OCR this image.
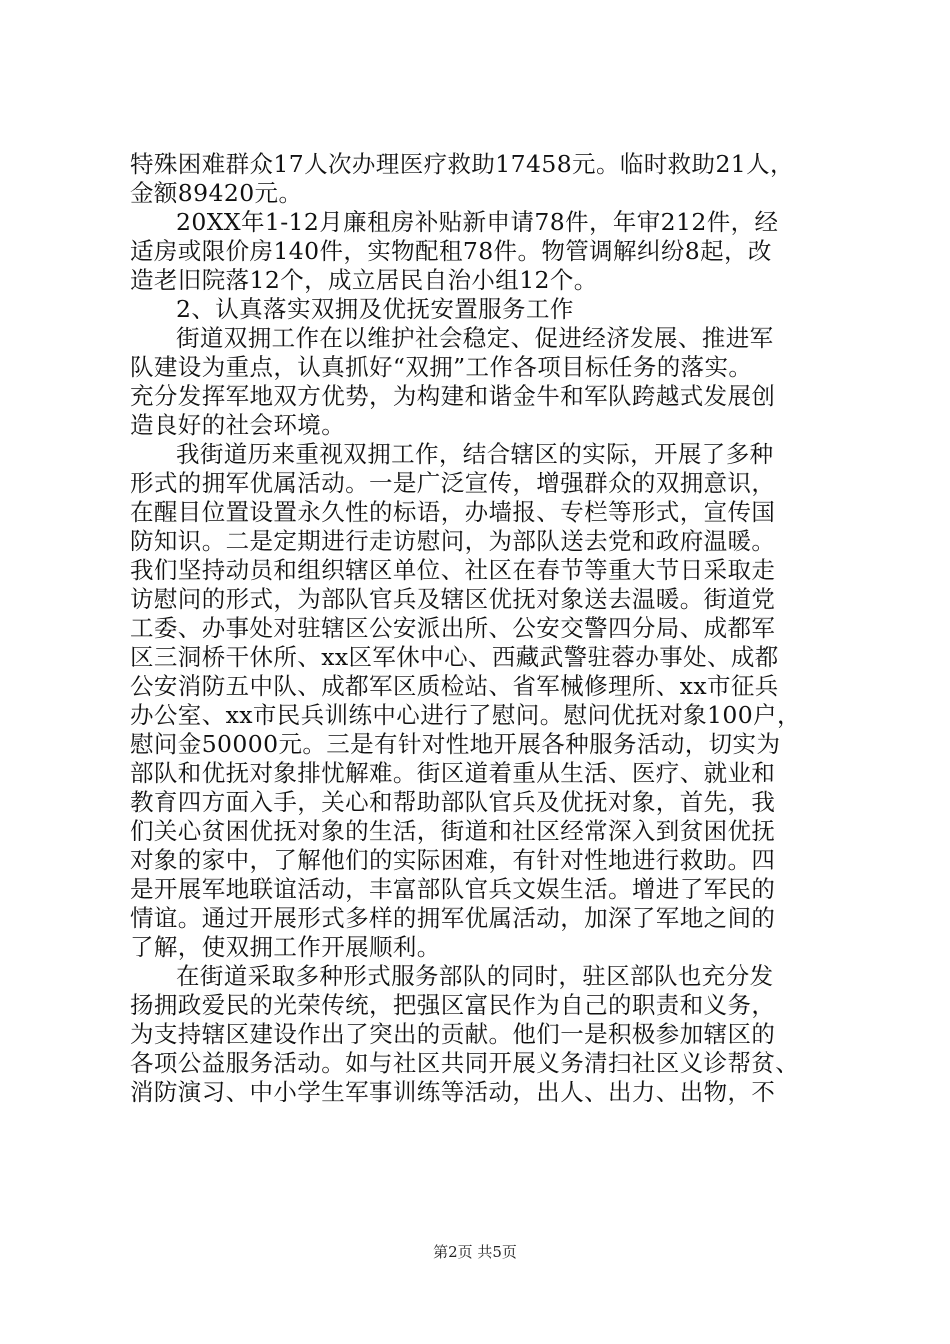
特殊困难群众17人次办理医疗救助17458元。临时救助21人，
金额89420元。
20XX年1-12月廉租房补贴新申请78件，年审212件，经
适房或限价房140件，实物配租78件。物管调解纠纷8起，改
造老旧院落12个，成立居民自治小组12个。
2、认真落实双拥及优抚安置服务工作
街道双拥工作在以维护社会稳定、促进经济发展、推进军
队建设为重点，认真抓好“双拥”工作各项目标任务的落实。
充分发挥军地双方优势，为构建和谐金牛和军队跨越式发展创
造良好的社会环境。
我街道历来重视双拥工作，结合辖区的实际，开展了多种
形式的拥军优属活动。一是广泛宣传，增强群众的双拥意识，
在醒目位置设置永久性的标语，办墙报、专栏等形式，宣传国
防知识。二是定期进行走访慰问，为部队送去党和政府温暖。
我们坚持动员和组织辖区单位、社区在春节等重大节日采取走
访慰问的形式，为部队官兵及辖区优抚对象送去温暖。街道党
工委、办事处对驻辖区公安派出所、公安交警四分局、成都军
区三洞桥干休所、xx区军休中心、西藏武警驻蓉办事处、成都
公安消防五中队、成都军区质检站、省军械修理所、xx市征兵
办公室、xx市民兵训练中心进行了慰问。慰问优抚对象100户，
慰问金50000元。三是有针对性地开展各种服务活动，切实为
部队和优抚对象排忧解难。街区道着重从生活、医疗、就业和
教育四方面入手，关心和帮助部队官兵及优抚对象，首先，我
们关心贫困优抚对象的生活，街道和社区经常深入到贫困优抚
对象的家中，了解他们的实际困难，有针对性地进行救助。四
是开展军地联谊活动，丰富部队官兵文娱生活。增进了军民的
情谊。通过开展形式多样的拥军优属活动，加深了军地之间的
了解，使双拥工作开展顺利。
在街道采取多种形式服务部队的同时，驻区部队也充分发
扬拥政爱民的光荣传统，把强区富民作为自己的职责和义务，
为支持辖区建设作出了突出的贡献。他们一是积极参加辖区的
各项公益服务活动。如与社区共同开展义务清扫社区义诊帮贫、
消防演习、中小学生军事训练等活动，出人、出力、出物，不
第2页 共5页
